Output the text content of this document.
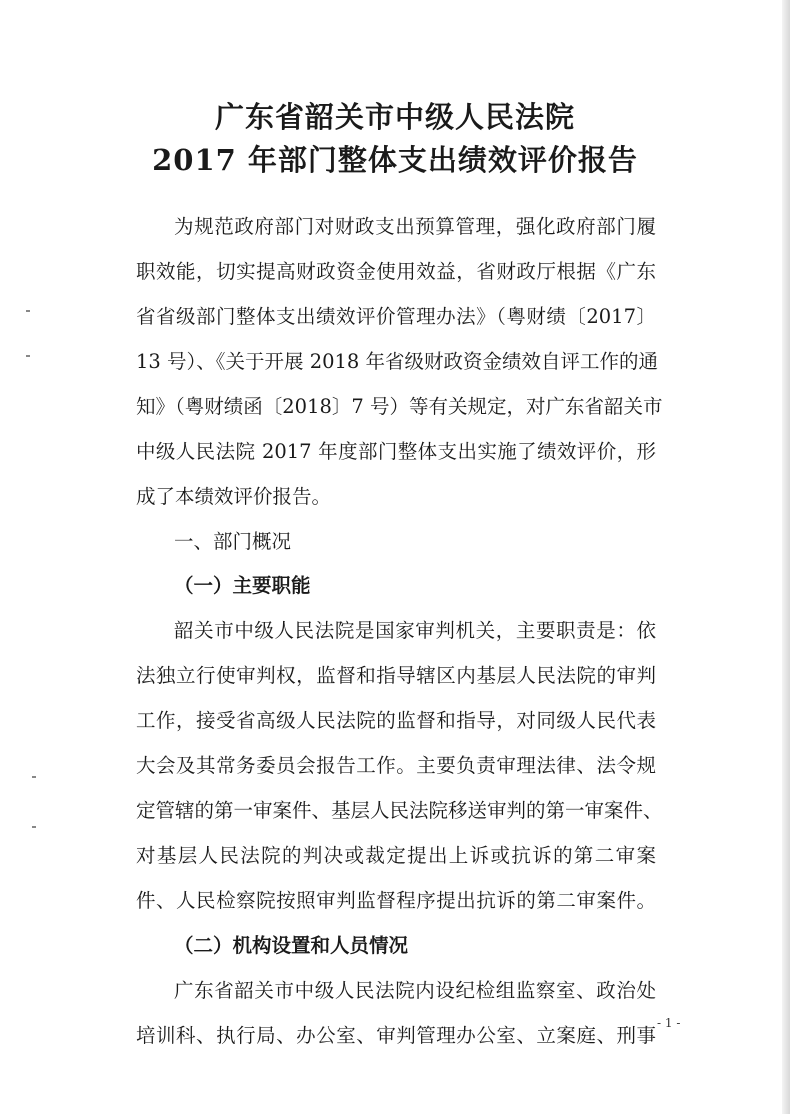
广东省韶关市中级人民法院
2017 年部门整体支出绩效评价报告
为规范政府部门对财政支出预算管理，强化政府部门履
职效能，切实提高财政资金使用效益，省财政厅根据《广东
省省级部门整体支出绩效评价管理办法》（粤财绩〔2017〕
13 号）、《关于开展 2018 年省级财政资金绩效自评工作的通
知》（粤财绩函〔2018〕7 号）等有关规定，对广东省韶关市
中级人民法院 2017 年度部门整体支出实施了绩效评价，形
成了本绩效评价报告。
一、部门概况
（一）主要职能
韶关市中级人民法院是国家审判机关，主要职责是：依
法独立行使审判权，监督和指导辖区内基层人民法院的审判
工作，接受省高级人民法院的监督和指导，对同级人民代表
大会及其常务委员会报告工作。主要负责审理法律、法令规
定管辖的第一审案件、基层人民法院移送审判的第一审案件、
对基层人民法院的判决或裁定提出上诉或抗诉的第二审案
件、人民检察院按照审判监督程序提出抗诉的第二审案件。
（二）机构设置和人员情况
广东省韶关市中级人民法院内设纪检组监察室、政治处
培训科、执行局、办公室、审判管理办公室、立案庭、刑事
- 1 -
